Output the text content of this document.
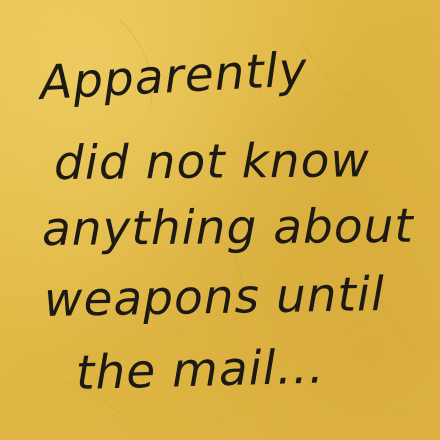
Apparently

did not know

anything about

weapons until

the mail...
